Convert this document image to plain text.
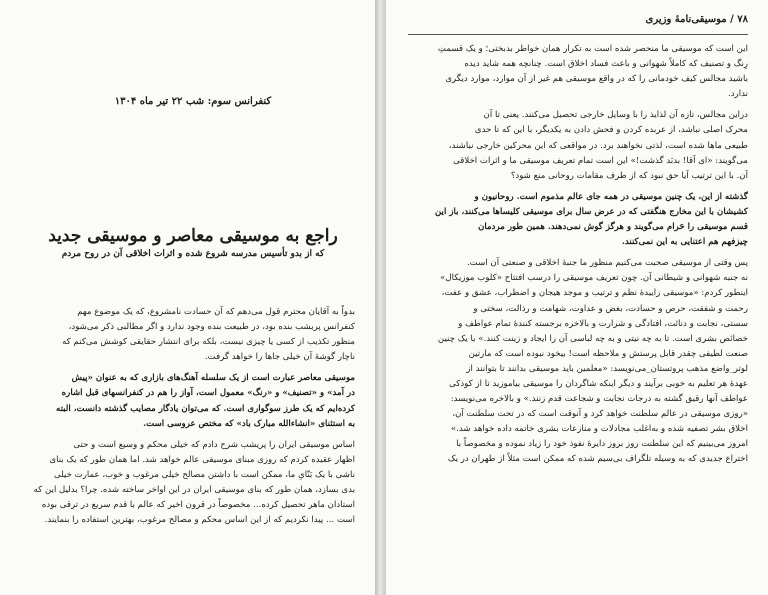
کنفرانس سوم: شب ۲۲ تیر ماه ۱۳۰۴
راجع به موسیقی معاصر و موسیقی جدید
که از بدو تأسیس مدرسه شروع شده و اثرات اخلاقی آن در روح مردم

بدواً به آقایان محترم قول می‌دهم که آن حسادت نامشروع، که یک موضوع مهم
کنفرانس پریشب بنده بود، در طبیعت بنده وجود ندارد و اگر مطالبی ذکر می‌شود،
منظور تکذیب از کسی یا چیزی نیست، بلکه برای انتشار حقایقی کوشش می‌کنم که
ناچار گوشهٔ آن خیلی جاها را خواهد گرفت.

موسیقی معاصر عبارت است از یک سلسله آهنگ‌های بازاری که به عنوان «پیش
در آمد» و «تصنیف» و «رنگ» معمول است، آواز را هم در کنفرانسهای قبل اشاره
کرده‌ایم که یک طرز سوگواری است. که می‌توان یادگار مصایب گذشته دانست، البته
به استثنای «انشاءالله مبارک باد» که مختص عروسی است.

اساس موسیقی ایران را پریشب شرح دادم که خیلی محکم و وسیع است و حتی
اظهار عقیده کردم که روزی مبنای موسیقی عالم خواهد شد. اما همان طور که یک بنای
ناشی با یک بَنّایِ ما، ممکن است با داشتن مصالح خیلی مرغوب و خوب، عمارت خیلی
بدی بسازد، همان طور که بنای موسیقی ایران در این اواخر ساخته شده. چرا؟ بدلیل این که
استادان ماهر تحصیل کرده... مخصوصاً در قرون اخیر که عالم با قدم سریع در ترقی بوده
است ... پیدا نکردیم که از این اساس محکم و مصالح مرغوب، بهترین استفاده را بنمایند.

۷۸ / موسیقی‌نامهٔ وزیری

این است که موسیقی ما منحصر شده است به تکرار همان خواطر بدبختی؛ و یک قسمتِ
رِنگ و تصنیف که کاملاً شهوانی و باعث فساد اخلاق است. چنانچه همه شاید دیده
باشید مجالس کیف خودمانی را که در واقع موسیقی هم غیر از آن موارد، موارد دیگری
ندارد.

دراین مجالس، تازه آن لذایذ را با وسایل خارجی تحصیل می‌کنند. یعنی تا آن
محرک اصلی نباشد، از عربده کردن و فحش دادن به یکدیگر، با این که تا حدی
طبیعی ماها شده است، لذتی نخواهند برد. در مواقعی که این محرکین خارجی نباشند،
می‌گویند: «ای آقا! بدبَد گذشت!» این است تمام تعریف موسیقی ما و اثرات اخلاقی
آن. با این ترتیب آیا حق نبود که از طرف مقامات روحانی منع شود؟

گذشته از این، یک چنین موسیقی در همه جای عالم مذموم است. روحانیون و
کشیشان با این مخارج هنگفتی که در عرض سال برای موسیقی کلیساها می‌کنند، باز این
قسم موسیقی را حَرام می‌گویند و هرگز گوش نمی‌دهند. همین طور مردمان
چیزفهم هم اعتنایی به این نمی‌کنند.

پس وقتی از موسیقی صحبت می‌کنیم منظور ما جنبهٔ اخلاقی و صنعتی آن است.
نه جنبه شهوانی و شیطانی آن. چون تعریف موسیقی را درسب افتتاح «کلوب موزیکال»
اینطور کردم: «موسیقی زاییدهٔ نظم و ترتیب و موجد هیجان و اضطراب، عشق و عفت،
رحمت و شفقت، حرص و حسادت، بغض و عداوت، شهامت و رذالت، سختی و
سستی، نجابت و دنائت، افتادگی و شرارت و بالاخره برجسته کنندهٔ تمام عواطف و
خصائص بشری است. تا به چه نیتی و به چه لباسی آن را ایجاد و زینت کنند.» با یک چنین
صنعت لطیفی چقدر قابل پرستش و ملاحظه است! بیخود نبوده است که مارتین
لوتر_واضع مذهب پروتستان_می‌نویسد: «معلمین باید موسیقی بدانند تا بتوانند از
عهدهٔ هر تعلیم به خوبی برآیند و دیگر اینکه شاگردان را موسیقی بیاموزید تا از کودکی
عواطف آنها رقیق گشته به درجات نجابت و شجاعت قدم زنند.» و بالاخره می‌نویسد:
«روزی موسیقی در عالم سلطنت خواهد کرد و آنوقت است که در تحت سلطنت آن،
اخلاق بشر تصفیه شده و به‌اغلب مجادلات و منازعات بشری خاتمه داده خواهد شد.»
امروز می‌بینیم که این سلطنت روز بروز دایرهٔ نفوذ خود را زیاد نموده و مخصوصاً با
اختراع جدیدی که به وسیله تلگراف بی‌سیم شده که ممکن است مثلاً از طهران در یک
